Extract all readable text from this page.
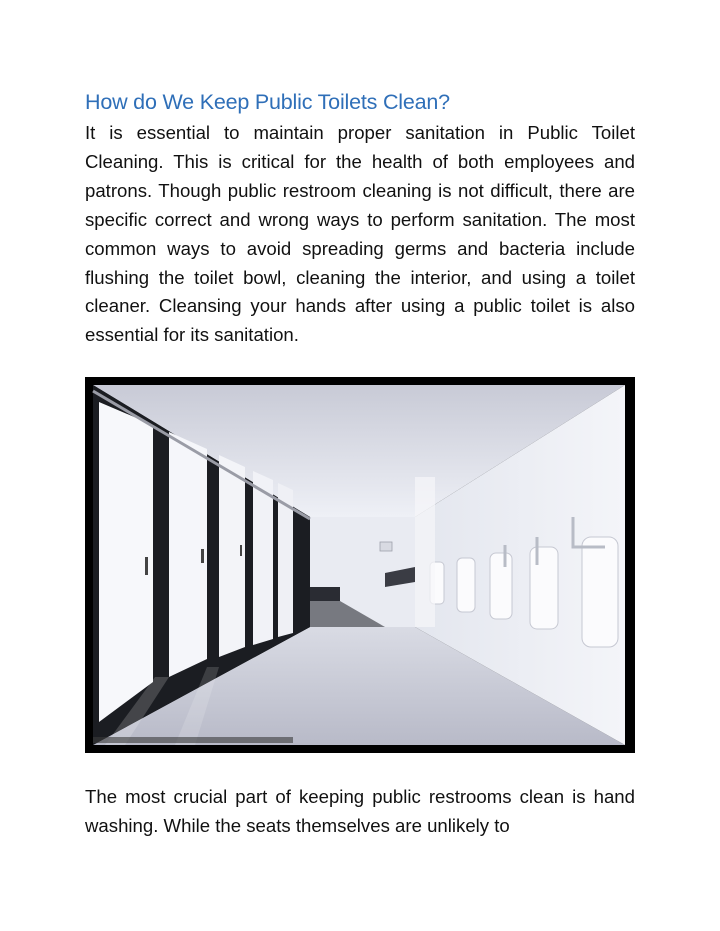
How do We Keep Public Toilets Clean?
It is essential to maintain proper sanitation in Public Toilet Cleaning. This is critical for the health of both employees and patrons. Though public restroom cleaning is not difficult, there are specific correct and wrong ways to perform sanitation. The most common ways to avoid spreading germs and bacteria include flushing the toilet bowl, cleaning the interior, and using a toilet cleaner. Cleansing your hands after using a public toilet is also essential for its sanitation.
The most crucial part of keeping public restrooms clean is hand washing. While the seats themselves are unlikely to
